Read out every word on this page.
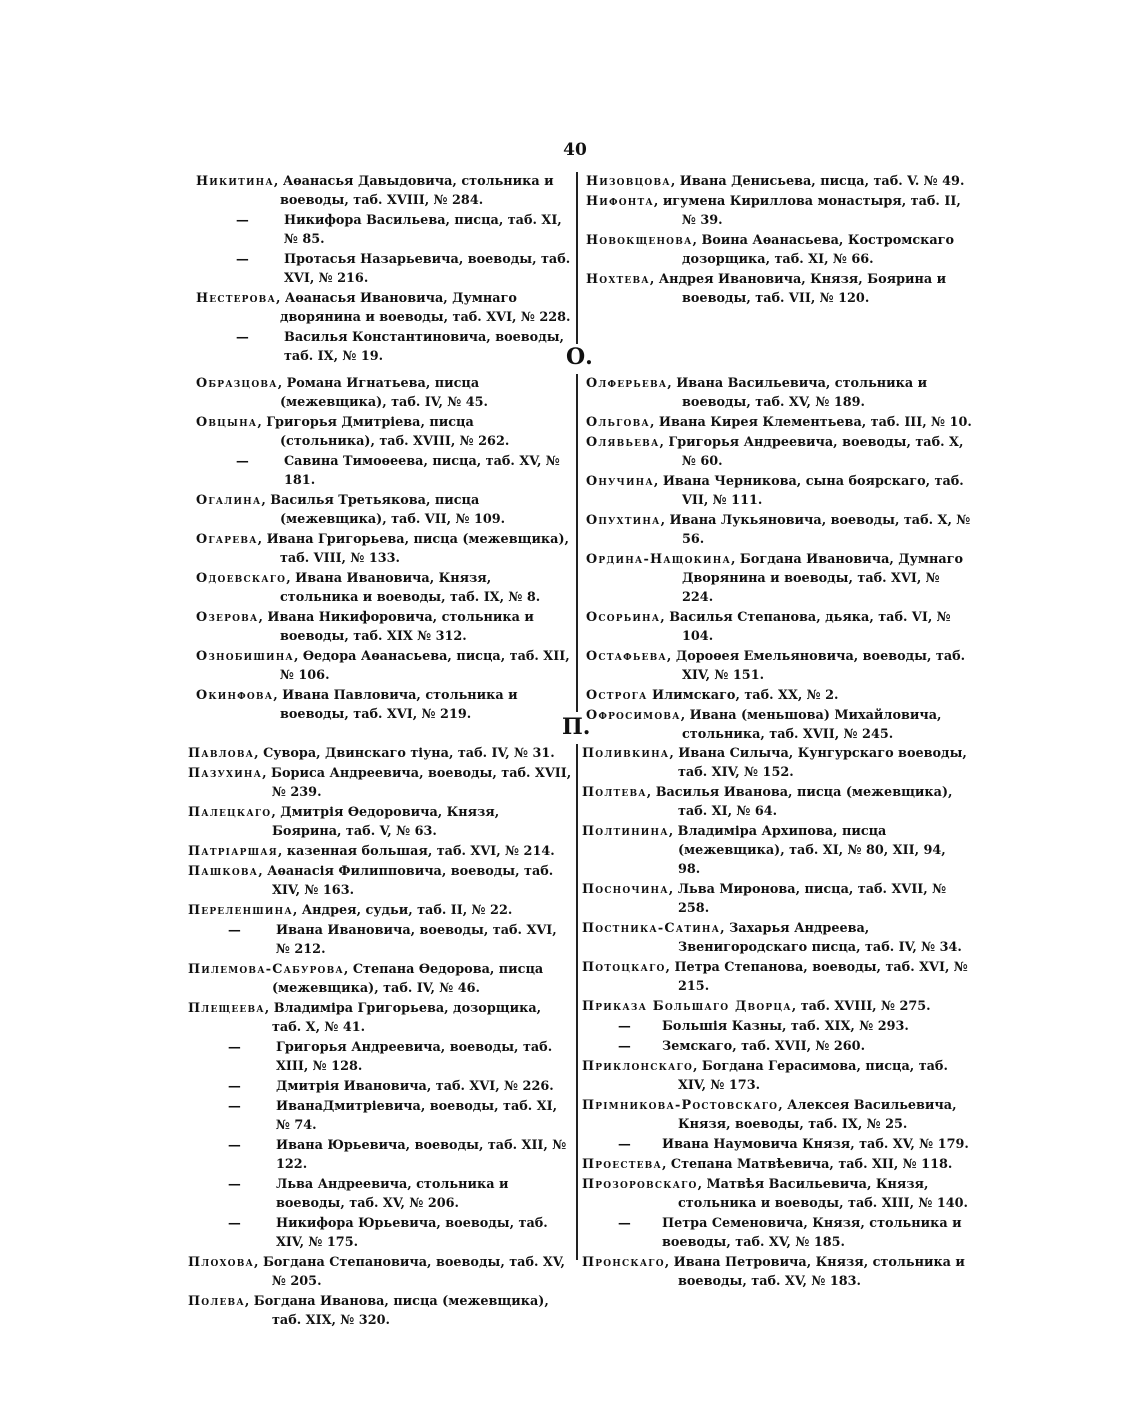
40
Никитина, Аѳанасья Давыдовича, стольника и воеводы, таб. XVIII, № 284.
—	Никифора Васильева, писца, таб. XI, № 85.
—	Протасья Назарьевича, воеводы, таб. XVI, № 216.
Нестерова, Аѳанасья Ивановича, Думнаго дворянина и воеводы, таб. XVI, № 228.
—	Василья Константиновича, воеводы, таб. IX, № 19.
Низовцова, Ивана Денисьева, писца, таб. V. № 49.
Нифонта, игумена Кириллова монастыря, таб. II, № 39.
Новокщенова, Воина Аѳанасьева, Костромскаго дозорщика, таб. XI, № 66.
Нохтева, Андрея Ивановича, Князя, Боярина и воеводы, таб. VII, № 120.
О.
Образцова, Романа Игнатьева, писца (межевщика), таб. IV, № 45.
Овцына, Григорья Дмитріева, писца (стольника), таб. XVIII, № 262.
—	Савина Тимоѳеева, писца, таб. XV, № 181.
Огалина, Василья Третьякова, писца (межевщика), таб. VII, № 109.
Огарева, Ивана Григорьева, писца (межевщика), таб. VIII, № 133.
Одоевскаго, Ивана Ивановича, Князя, стольника и воеводы, таб. IX, № 8.
Озерова, Ивана Никифоровича, стольника и воеводы, таб. XIX № 312.
Ознобишина, Ѳедора Аѳанасьева, писца, таб. XII, № 106.
Окинфова, Ивана Павловича, стольника и воеводы, таб. XVI, № 219.
Олферьева, Ивана Васильевича, стольника и воеводы, таб. XV, № 189.
Ольгова, Ивана Кирея Клементьева, таб. III, № 10.
Олявьева, Григорья Андреевича, воеводы, таб. X, № 60.
Онучина, Ивана Черникова, сына боярскаго, таб. VII, № 111.
Опухтина, Ивана Лукьяновича, воеводы, таб. X, № 56.
Ордина-Нащокина, Богдана Ивановича, Думнаго Дворянина и воеводы, таб. XVI, № 224.
Осорьина, Василья Степанова, дьяка, таб. VI, № 104.
Остафьева, Дороѳея Емельяновича, воеводы, таб. XIV, № 151.
Острога Илимскаго, таб. XX, № 2.
Офросимова, Ивана (меньшова) Михайловича, стольника, таб. XVII, № 245.
П.
Павлова, Сувора, Двинскаго тіуна, таб. IV, № 31.
Пазухина, Бориса Андреевича, воеводы, таб. XVII, № 239.
Палецкаго, Дмитрія Ѳедоровича, Князя, Боярина, таб. V, № 63.
Патріаршая, казенная большая, таб. XVI, № 214.
Пашкова, Аѳанасія Филипповича, воеводы, таб. XIV, № 163.
Переленшина, Андрея, судьи, таб. II, № 22.
—	Ивана Ивановича, воеводы, таб. XVI, № 212.
Пилемова-Сабурова, Степана Ѳедорова, писца (межевщика), таб. IV, № 46.
Плещеева, Владиміра Григорьева, дозорщика, таб. X, № 41.
—	Григорья Андреевича, воеводы, таб. XIII, № 128.
—	Дмитрія Ивановича, таб. XVI, № 226.
—	ИванаДмитріевича, воеводы, таб. XI, № 74.
—	Ивана Юрьевича, воеводы, таб. XII, № 122.
—	Льва Андреевича, стольника и воеводы, таб. XV, № 206.
—	Никифора Юрьевича, воеводы, таб. XIV, № 175.
Плохова, Богдана Степановича, воеводы, таб. XV, № 205.
Полева, Богдана Иванова, писца (межевщика), таб. XIX, № 320.
Поливкина, Ивана Силыча, Кунгурскаго воеводы, таб. XIV, № 152.
Полтева, Василья Иванова, писца (межевщика), таб. XI, № 64.
Полтинина, Владиміра Архипова, писца (межевщика), таб. XI, № 80, XII, 94, 98.
Посночина, Льва Миронова, писца, таб. XVII, № 258.
Постника-Сатина, Захарья Андреева, Звенигородскаго писца, таб. IV, № 34.
Потоцкаго, Петра Степанова, воеводы, таб. XVI, № 215.
Приказа Большаго Дворца, таб. XVIII, № 275.
— Большія Казны, таб. XIX, № 293.
— Земскаго, таб. XVII, № 260.
Приклонскаго, Богдана Герасимова, писца, таб. XIV, № 173.
Прімникова-Ростовскаго, Алексея Васильевича, Князя, воеводы, таб. IX, № 25.
— Ивана Наумовича Князя, таб. XV, № 179.
Проестева, Степана Матвѣевича, таб. XII, № 118.
Прозоровскаго, Матвѣя Васильевича, Князя, стольника и воеводы, таб. XIII, № 140.
— Петра Семеновича, Князя, стольника и воеводы, таб. XV, № 185.
Пронскаго, Ивана Петровича, Князя, стольника и воеводы, таб. XV, № 183.
